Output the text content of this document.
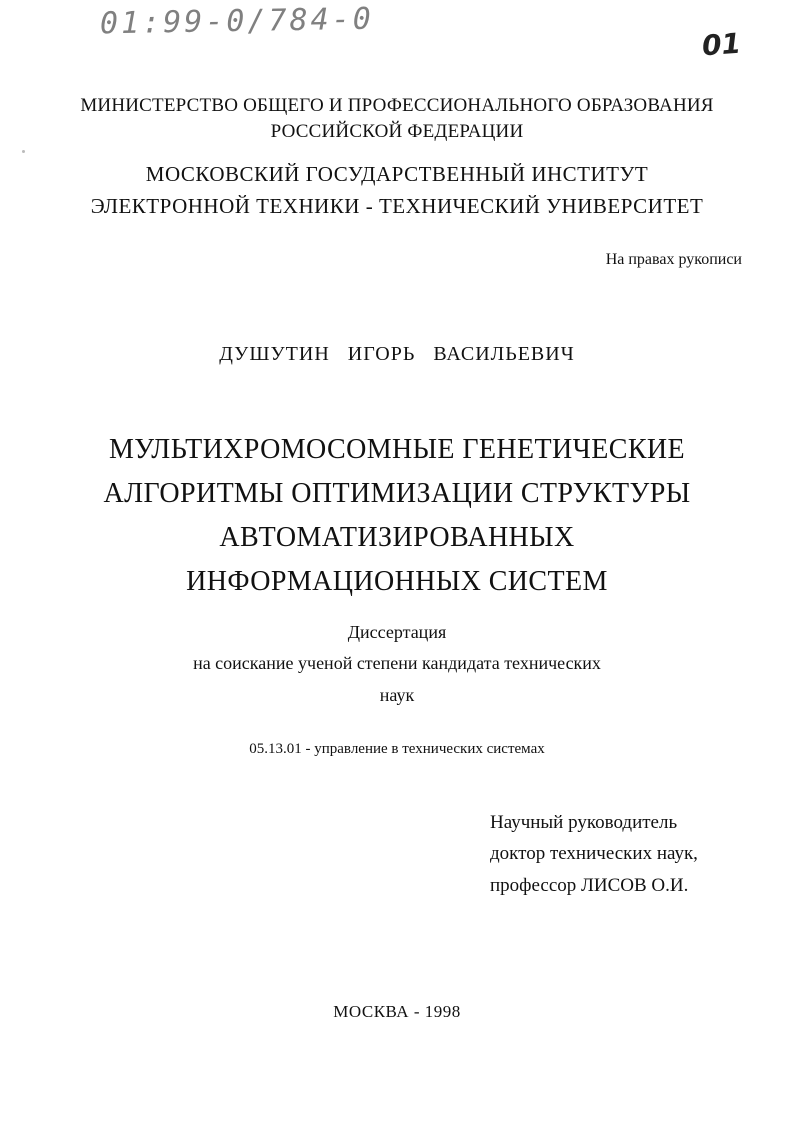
01:99-0/784-0
01
МИНИСТЕРСТВО ОБЩЕГО И ПРОФЕССИОНАЛЬНОГО ОБРАЗОВАНИЯ
РОССИЙСКОЙ ФЕДЕРАЦИИ
МОСКОВСКИЙ ГОСУДАРСТВЕННЫЙ ИНСТИТУТ
ЭЛЕКТРОННОЙ ТЕХНИКИ - ТЕХНИЧЕСКИЙ УНИВЕРСИТЕТ
На правах рукописи
ДУШУТИН ИГОРЬ ВАСИЛЬЕВИЧ
МУЛЬТИХРОМОСОМНЫЕ ГЕНЕТИЧЕСКИЕ
АЛГОРИТМЫ ОПТИМИЗАЦИИ СТРУКТУРЫ
АВТОМАТИЗИРОВАННЫХ
ИНФОРМАЦИОННЫХ СИСТЕМ
Диссертация
на соискание ученой степени кандидата технических
наук
05.13.01 - управление в технических системах
Научный руководитель
доктор технических наук,
профессор ЛИСОВ О.И.
МОСКВА - 1998
